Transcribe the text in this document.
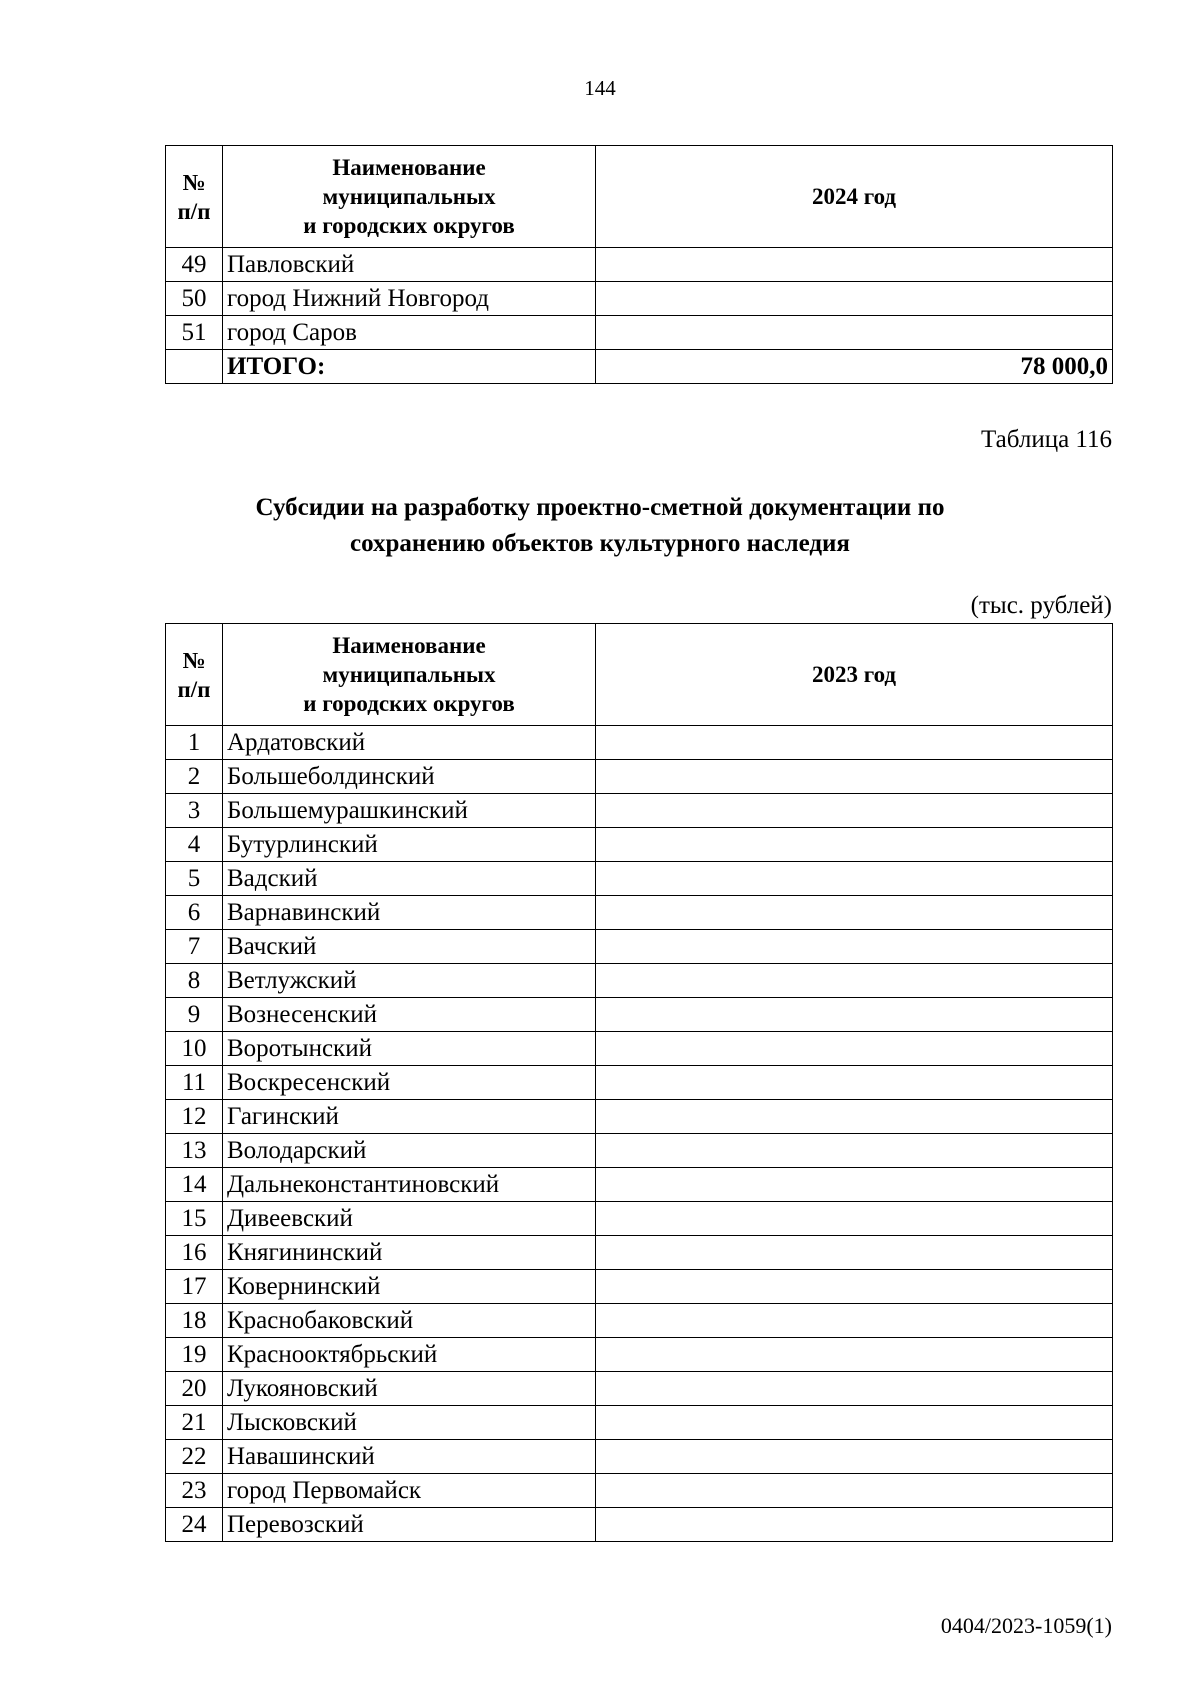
144
№
п/п	Наименование
муниципальных
и городских округов	2024 год
49	Павловский	
50	город Нижний Новгород	
51	город Саров	
	ИТОГО:	78 000,0
Таблица 116
Субсидии на разработку проектно-сметной документации по
сохранению объектов культурного наследия
(тыс. рублей)
№
п/п	Наименование
муниципальных
и городских округов	2023 год
1	Ардатовский	
2	Большеболдинский	
3	Большемурашкинский	
4	Бутурлинский	
5	Вадский	
6	Варнавинский	
7	Вачский	
8	Ветлужский	
9	Вознесенский	
10	Воротынский	
11	Воскресенский	
12	Гагинский	
13	Володарский	
14	Дальнеконстантиновский	
15	Дивеевский	
16	Княгининский	
17	Ковернинский	
18	Краснобаковский	
19	Краснооктябрьский	
20	Лукояновский	
21	Лысковский	
22	Навашинский	
23	город Первомайск	
24	Перевозский	
0404/2023-1059(1)
